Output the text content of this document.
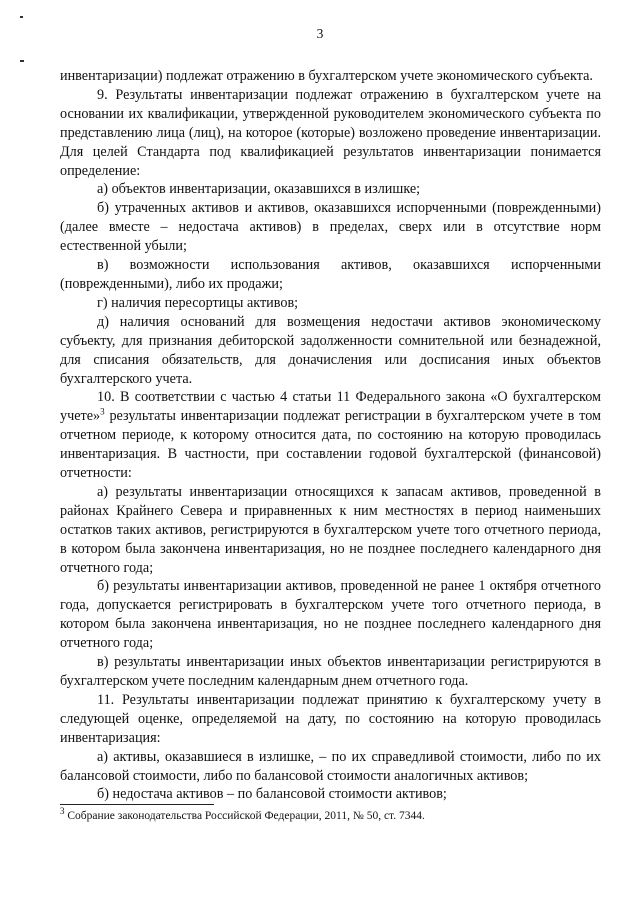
3

инвентаризации) подлежат отражению в бухгалтерском учете экономического субъекта.

9. Результаты инвентаризации подлежат отражению в бухгалтерском учете на основании их квалификации, утвержденной руководителем экономического субъекта по представлению лица (лиц), на которое (которые) возложено проведение инвентаризации. Для целей Стандарта под квалификацией результатов инвентаризации понимается определение:

а) объектов инвентаризации, оказавшихся в излишке;

б) утраченных активов и активов, оказавшихся испорченными (поврежденными) (далее вместе – недостача активов) в пределах, сверх или в отсутствие норм естественной убыли;

в) возможности использования активов, оказавшихся испорченными (поврежденными), либо их продажи;

г) наличия пересортицы активов;

д) наличия оснований для возмещения недостачи активов экономическому субъекту, для признания дебиторской задолженности сомнительной или безнадежной, для списания обязательств, для доначисления или досписания иных объектов бухгалтерского учета.

10. В соответствии с частью 4 статьи 11 Федерального закона «О бухгалтерском учете»$^3$ результаты инвентаризации подлежат регистрации в бухгалтерском учете в том отчетном периоде, к которому относится дата, по состоянию на которую проводилась инвентаризация. В частности, при составлении годовой бухгалтерской (финансовой) отчетности:

а) результаты инвентаризации относящихся к запасам активов, проведенной в районах Крайнего Севера и приравненных к ним местностях в период наименьших остатков таких активов, регистрируются в бухгалтерском учете того отчетного периода, в котором была закончена инвентаризация, но не позднее последнего календарного дня отчетного года;

б) результаты инвентаризации активов, проведенной не ранее 1 октября отчетного года, допускается регистрировать в бухгалтерском учете того отчетного периода, в котором была закончена инвентаризация, но не позднее последнего календарного дня отчетного года;

в) результаты инвентаризации иных объектов инвентаризации регистрируются в бухгалтерском учете последним календарным днем отчетного года.

11. Результаты инвентаризации подлежат принятию к бухгалтерскому учету в следующей оценке, определяемой на дату, по состоянию на которую проводилась инвентаризация:

а) активы, оказавшиеся в излишке, – по их справедливой стоимости, либо по их балансовой стоимости, либо по балансовой стоимости аналогичных активов;

б) недостача активов – по балансовой стоимости активов;

$^3$ Собрание законодательства Российской Федерации, 2011, № 50, ст. 7344.
